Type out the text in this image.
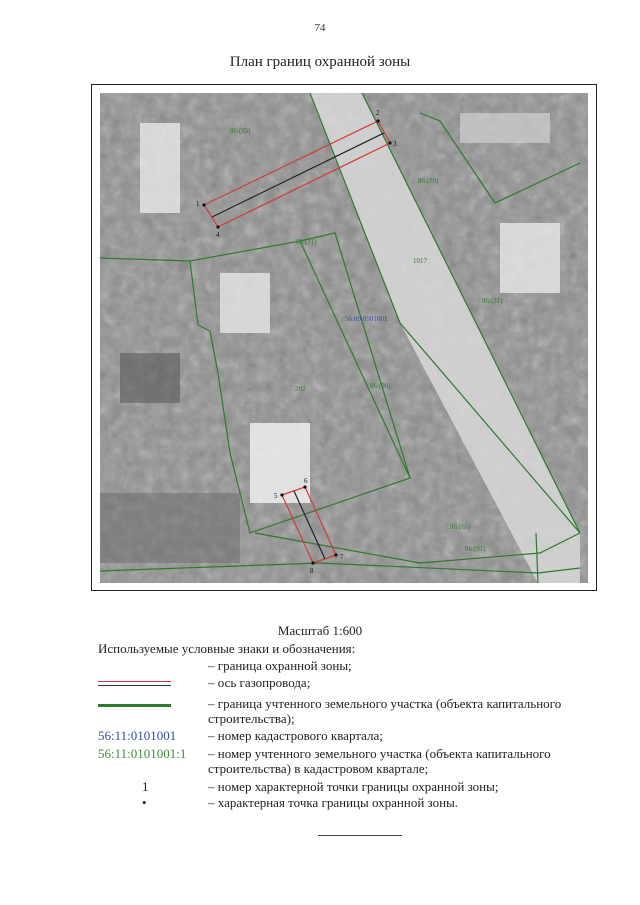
74
План границ охранной зоны
1
2
3
4
5
6
7
8
86:(85)
86:(80)
86:(71)
1017
56:09:0501001
86:(31)
292	86:(90)
86:(65)
86:(91)
Масштаб 1:600
Используемые условные знаки и обозначения:
– граница охранной зоны;
– ось газопровода;
– граница учтенного земельного участка (объекта капитального строительства);
56:11:0101001 – номер кадастрового квартала;
56:11:0101001:1 – номер учтенного земельного участка (объекта капитального строительства) в кадастровом квартале;
1	– номер характерной точки границы охранной зоны;
•	– характерная точка границы охранной зоны.
